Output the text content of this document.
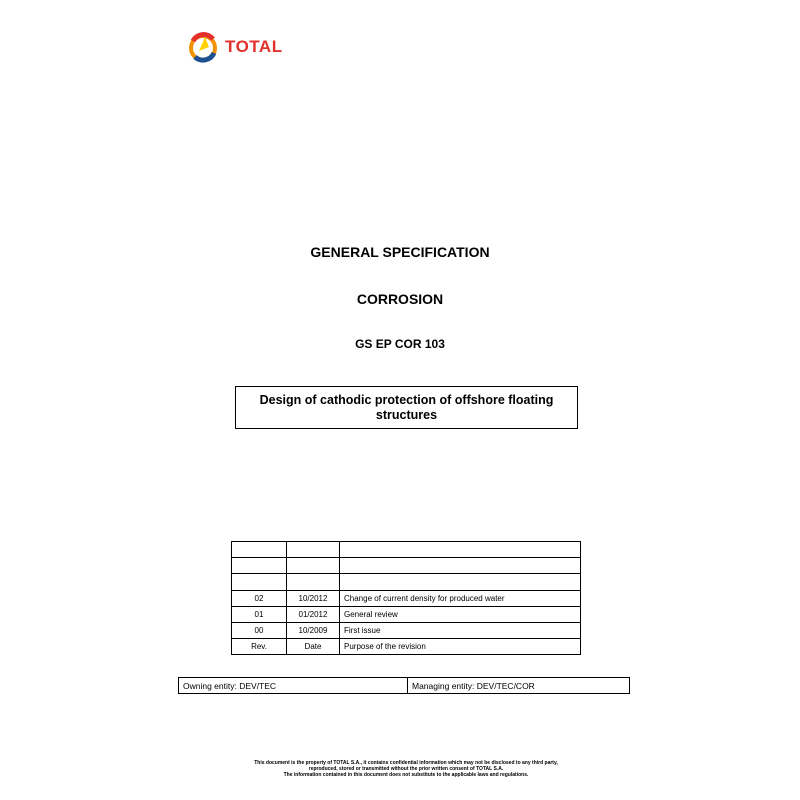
TOTAL
GENERAL SPECIFICATION
CORROSION
GS EP COR 103
Design of cathodic protection of offshore floating structures

02	10/2012	Change of current density for produced water
01	01/2012	General review
00	10/2009	First issue
Rev.	Date	Purpose of the revision
Owning entity: DEV/TEC	Managing entity: DEV/TEC/COR
This document is the property of TOTAL S.A., it contains confidential information which may not be disclosed to any third party,
reproduced, stored or transmitted without the prior written consent of TOTAL S.A.
The information contained in this document does not substitute to the applicable laws and regulations.
